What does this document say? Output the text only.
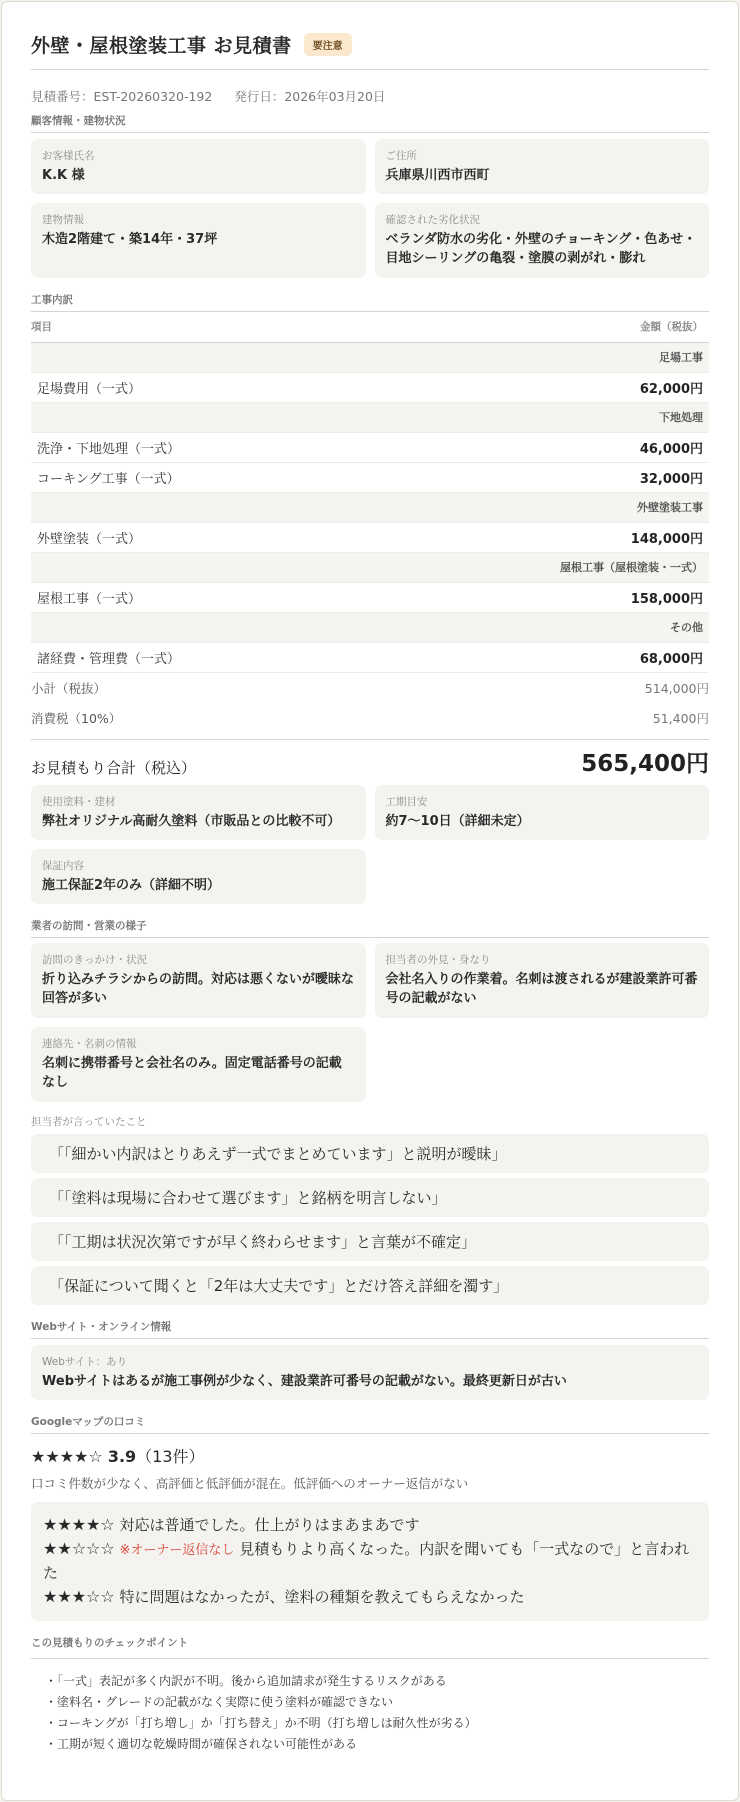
外壁・屋根塗装工事 お見積書	要注意
見積番号：EST-20260320-192 発行日：2026年03月20日
顧客情報・建物状況
お客様氏名
K.K 様
ご住所
兵庫県川西市西町
建物情報
木造2階建て・築14年・37坪
確認された劣化状況
ベランダ防水の劣化・外壁のチョーキング・色あせ・目地シーリングの亀裂・塗膜の剥がれ・膨れ
工事内訳
項目	金額（税抜）
足場工事	
足場費用（一式）	62,000円
下地処理	
洗浄・下地処理（一式）	46,000円
コーキング工事（一式）	32,000円
外壁塗装工事	
外壁塗装（一式）	148,000円
屋根工事（屋根塗装・一式）	
屋根工事（一式）	158,000円
その他	
諸経費・管理費（一式）	68,000円
小計（税抜）	514,000円
消費税（10%）	51,400円
お見積もり合計（税込）	565,400円
使用塗料・建材
弊社オリジナル高耐久塗料（市販品との比較不可）
工期目安
約7〜10日（詳細未定）
保証内容
施工保証2年のみ（詳細不明）
業者の訪問・営業の様子
訪問のきっかけ・状況
折り込みチラシからの訪問。対応は悪くないが曖昧な回答が多い
担当者の外見・身なり
会社名入りの作業着。名刺は渡されるが建設業許可番号の記載がない
連絡先・名刺の情報
名刺に携帯番号と会社名のみ。固定電話番号の記載なし
担当者が言っていたこと
「「細かい内訳はとりあえず一式でまとめています」と説明が曖昧」
「「塗料は現場に合わせて選びます」と銘柄を明言しない」
「「工期は状況次第ですが早く終わらせます」と言葉が不確定」
「保証について聞くと「2年は大丈夫です」とだけ答え詳細を濁す」
Webサイト・オンライン情報
Webサイト：あり
Webサイトはあるが施工事例が少なく、建設業許可番号の記載がない。最終更新日が古い
Googleマップの口コミ
★★★★☆ 3.9（13件）
口コミ件数が少なく、高評価と低評価が混在。低評価へのオーナー返信がない
★★★★☆ 対応は普通でした。仕上がりはまあまあです
★★☆☆☆ ※オーナー返信なし 見積もりより高くなった。内訳を聞いても「一式なので」と言われた
★★★☆☆ 特に問題はなかったが、塗料の種類を教えてもらえなかった
この見積もりのチェックポイント
・「一式」表記が多く内訳が不明。後から追加請求が発生するリスクがある
・塗料名・グレードの記載がなく実際に使う塗料が確認できない
・コーキングが「打ち増し」か「打ち替え」か不明（打ち増しは耐久性が劣る）
・工期が短く適切な乾燥時間が確保されない可能性がある
